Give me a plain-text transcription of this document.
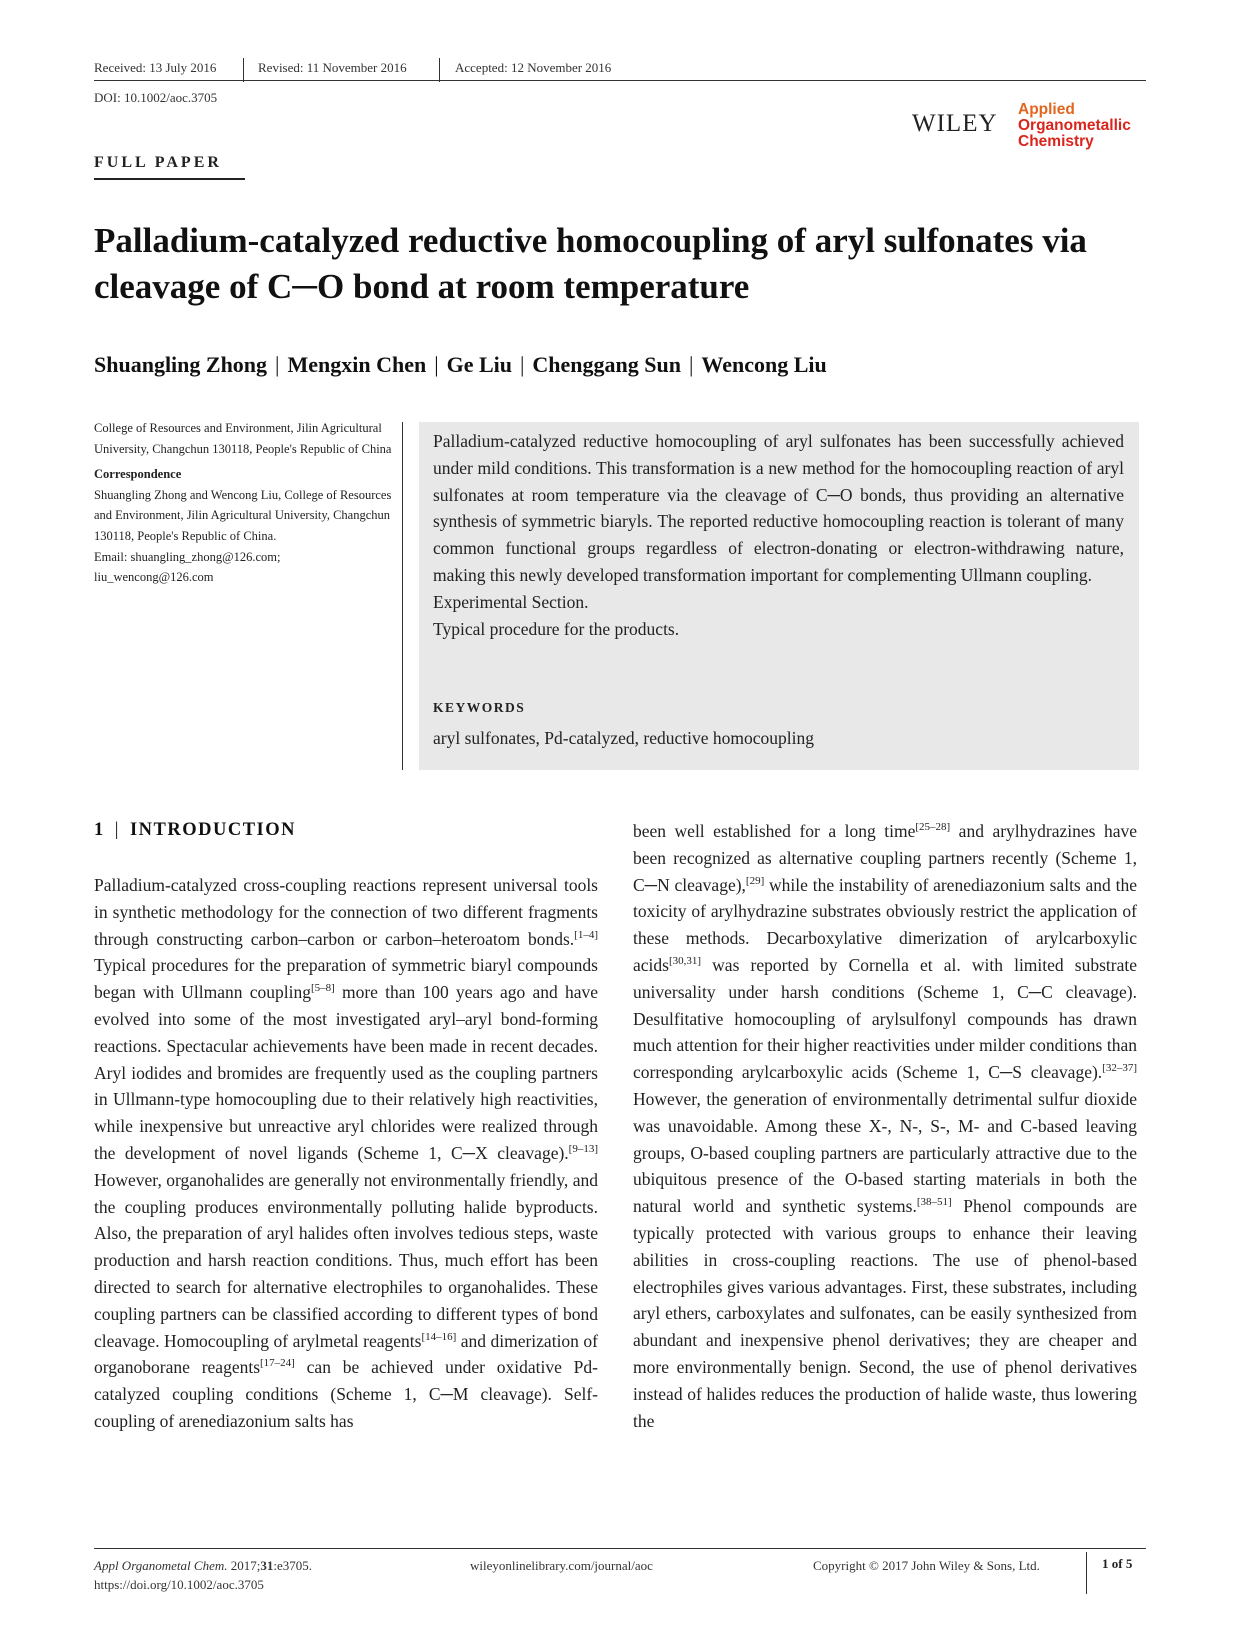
Received: 13 July 2016	Revised: 11 November 2016	Accepted: 12 November 2016
DOI: 10.1002/aoc.3705
WILEY
Applied
Organometallic
Chemistry
FULL PAPER
Palladium-catalyzed reductive homocoupling of aryl sulfonates via cleavage of C─O bond at room temperature
Shuangling Zhong | Mengxin Chen | Ge Liu | Chenggang Sun | Wencong Liu

College of Resources and Environment, Jilin Agricultural University, Changchun 130118, People's Republic of China

Correspondence

Shuangling Zhong and Wencong Liu, College of Resources and Environment, Jilin Agricultural University, Changchun 130118, People's Republic of China.

Email: shuangling_zhong@126.com; liu_wencong@126.com

Palladium-catalyzed reductive homocoupling of aryl sulfonates has been successfully achieved under mild conditions. This transformation is a new method for the homocoupling reaction of aryl sulfonates at room temperature via the cleavage of C─O bonds, thus providing an alternative synthesis of symmetric biaryls. The reported reductive homocoupling reaction is tolerant of many common functional groups regardless of electron-donating or electron-withdrawing nature, making this newly developed transformation important for complementing Ullmann coupling.

Experimental Section.

Typical procedure for the products.

KEYWORDS
aryl sulfonates, Pd-catalyzed, reductive homocoupling
1 | INTRODUCTION

Palladium-catalyzed cross-coupling reactions represent universal tools in synthetic methodology for the connection of two different fragments through constructing carbon–carbon or carbon–heteroatom bonds.[1–4] Typical procedures for the preparation of symmetric biaryl compounds began with Ullmann coupling[5–8] more than 100 years ago and have evolved into some of the most investigated aryl–aryl bond-forming reactions. Spectacular achievements have been made in recent decades. Aryl iodides and bromides are frequently used as the coupling partners in Ullmann-type homocoupling due to their relatively high reactivities, while inexpensive but unreactive aryl chlorides were realized through the development of novel ligands (Scheme 1, C─X cleavage).[9–13] However, organohalides are generally not environmentally friendly, and the coupling produces environmentally polluting halide byproducts. Also, the preparation of aryl halides often involves tedious steps, waste production and harsh reaction conditions. Thus, much effort has been directed to search for alternative electrophiles to organohalides. These coupling partners can be classified according to different types of bond cleavage. Homocoupling of arylmetal reagents[14–16] and dimerization of organoborane reagents[17–24] can be achieved under oxidative Pd-catalyzed coupling conditions (Scheme 1, C─M cleavage). Self-coupling of arenediazonium salts has

been well established for a long time[25–28] and arylhydrazines have been recognized as alternative coupling partners recently (Scheme 1, C─N cleavage),[29] while the instability of arenediazonium salts and the toxicity of arylhydrazine substrates obviously restrict the application of these methods. Decarboxylative dimerization of arylcarboxylic acids[30,31] was reported by Cornella et al. with limited substrate universality under harsh conditions (Scheme 1, C─C cleavage). Desulfitative homocoupling of arylsulfonyl compounds has drawn much attention for their higher reactivities under milder conditions than corresponding arylcarboxylic acids (Scheme 1, C─S cleavage).[32–37] However, the generation of environmentally detrimental sulfur dioxide was unavoidable. Among these X-, N-, S-, M- and C-based leaving groups, O-based coupling partners are particularly attractive due to the ubiquitous presence of the O-based starting materials in both the natural world and synthetic systems.[38–51] Phenol compounds are typically protected with various groups to enhance their leaving abilities in cross-coupling reactions. The use of phenol-based electrophiles gives various advantages. First, these substrates, including aryl ethers, carboxylates and sulfonates, can be easily synthesized from abundant and inexpensive phenol derivatives; they are cheaper and more environmentally benign. Second, the use of phenol derivatives instead of halides reduces the production of halide waste, thus lowering the

Appl Organometal Chem. 2017;31:e3705.
https://doi.org/10.1002/aoc.3705
wileyonlinelibrary.com/journal/aoc	Copyright © 2017 John Wiley & Sons, Ltd.	1 of 5
